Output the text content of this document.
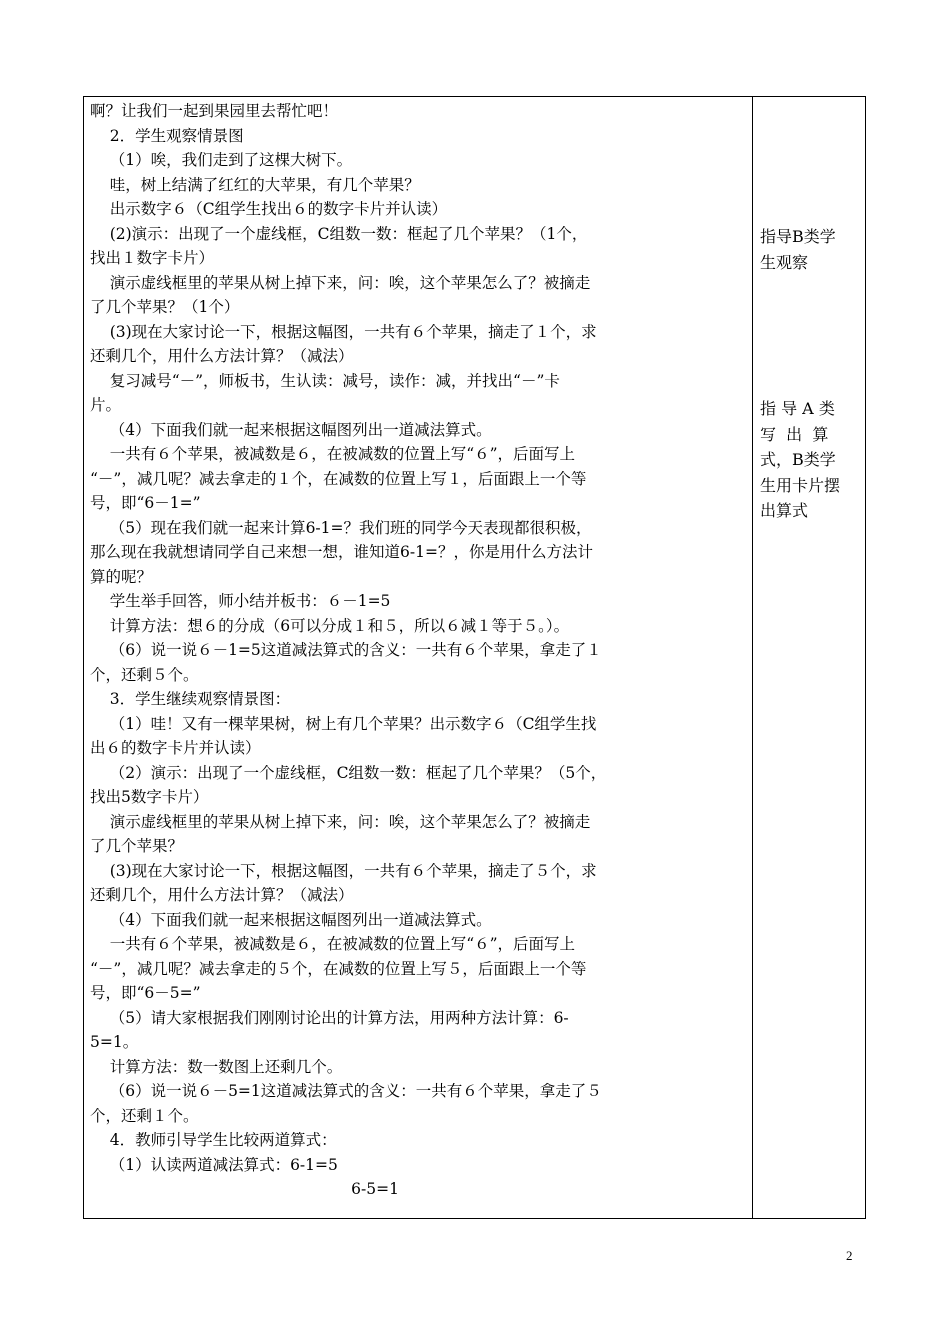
啊？让我们一起到果园里去帮忙吧！
2．学生观察情景图
（1）唉，我们走到了这棵大树下。
哇，树上结满了红红的大苹果，有几个苹果？
出示数字６（C组学生找出６的数字卡片并认读）
(2)演示：出现了一个虚线框，C组数一数：框起了几个苹果？（1个，
找出１数字卡片）
演示虚线框里的苹果从树上掉下来，问：唉，这个苹果怎么了？被摘走
了几个苹果？（1个）
(3)现在大家讨论一下，根据这幅图，一共有６个苹果，摘走了１个，求
还剩几个，用什么方法计算？（减法）
复习减号“－”，师板书，生认读：减号，读作：减，并找出“－”卡
片。
（4）下面我们就一起来根据这幅图列出一道减法算式。
一共有６个苹果，被减数是６，在被减数的位置上写“６”，后面写上
“－”，减几呢？减去拿走的１个，在减数的位置上写１，后面跟上一个等
号，即“6－1=”
（5）现在我们就一起来计算6-1=？我们班的同学今天表现都很积极，
那么现在我就想请同学自己来想一想，谁知道6-1=？，你是用什么方法计
算的呢？
学生举手回答，师小结并板书：６－1=5
计算方法：想６的分成（6可以分成１和５，所以６减１等于５。）。
（6）说一说６－1=5这道减法算式的含义：一共有６个苹果，拿走了１
个，还剩５个。
3．学生继续观察情景图：
（1）哇！又有一棵苹果树，树上有几个苹果？出示数字６（C组学生找
出６的数字卡片并认读）
（2）演示：出现了一个虚线框，C组数一数：框起了几个苹果？（5个，
找出5数字卡片）
演示虚线框里的苹果从树上掉下来，问：唉，这个苹果怎么了？被摘走
了几个苹果？
(3)现在大家讨论一下，根据这幅图，一共有６个苹果，摘走了５个，求
还剩几个，用什么方法计算？（减法）
（4）下面我们就一起来根据这幅图列出一道减法算式。
一共有６个苹果，被减数是６，在被减数的位置上写“６”，后面写上
“－”，减几呢？减去拿走的５个，在减数的位置上写５，后面跟上一个等
号，即“6－5=”
（5）请大家根据我们刚刚讨论出的计算方法，用两种方法计算：6-
5=1。
计算方法：数一数图上还剩几个。
（6）说一说６－5=1这道减法算式的含义：一共有６个苹果，拿走了５
个，还剩１个。
4．教师引导学生比较两道算式：
（1）认读两道减法算式：6-1=5
6-5=1
指导B类学
生观察
指 导 A 类
写  出  算
式，B类学
生用卡片摆
出算式
2
